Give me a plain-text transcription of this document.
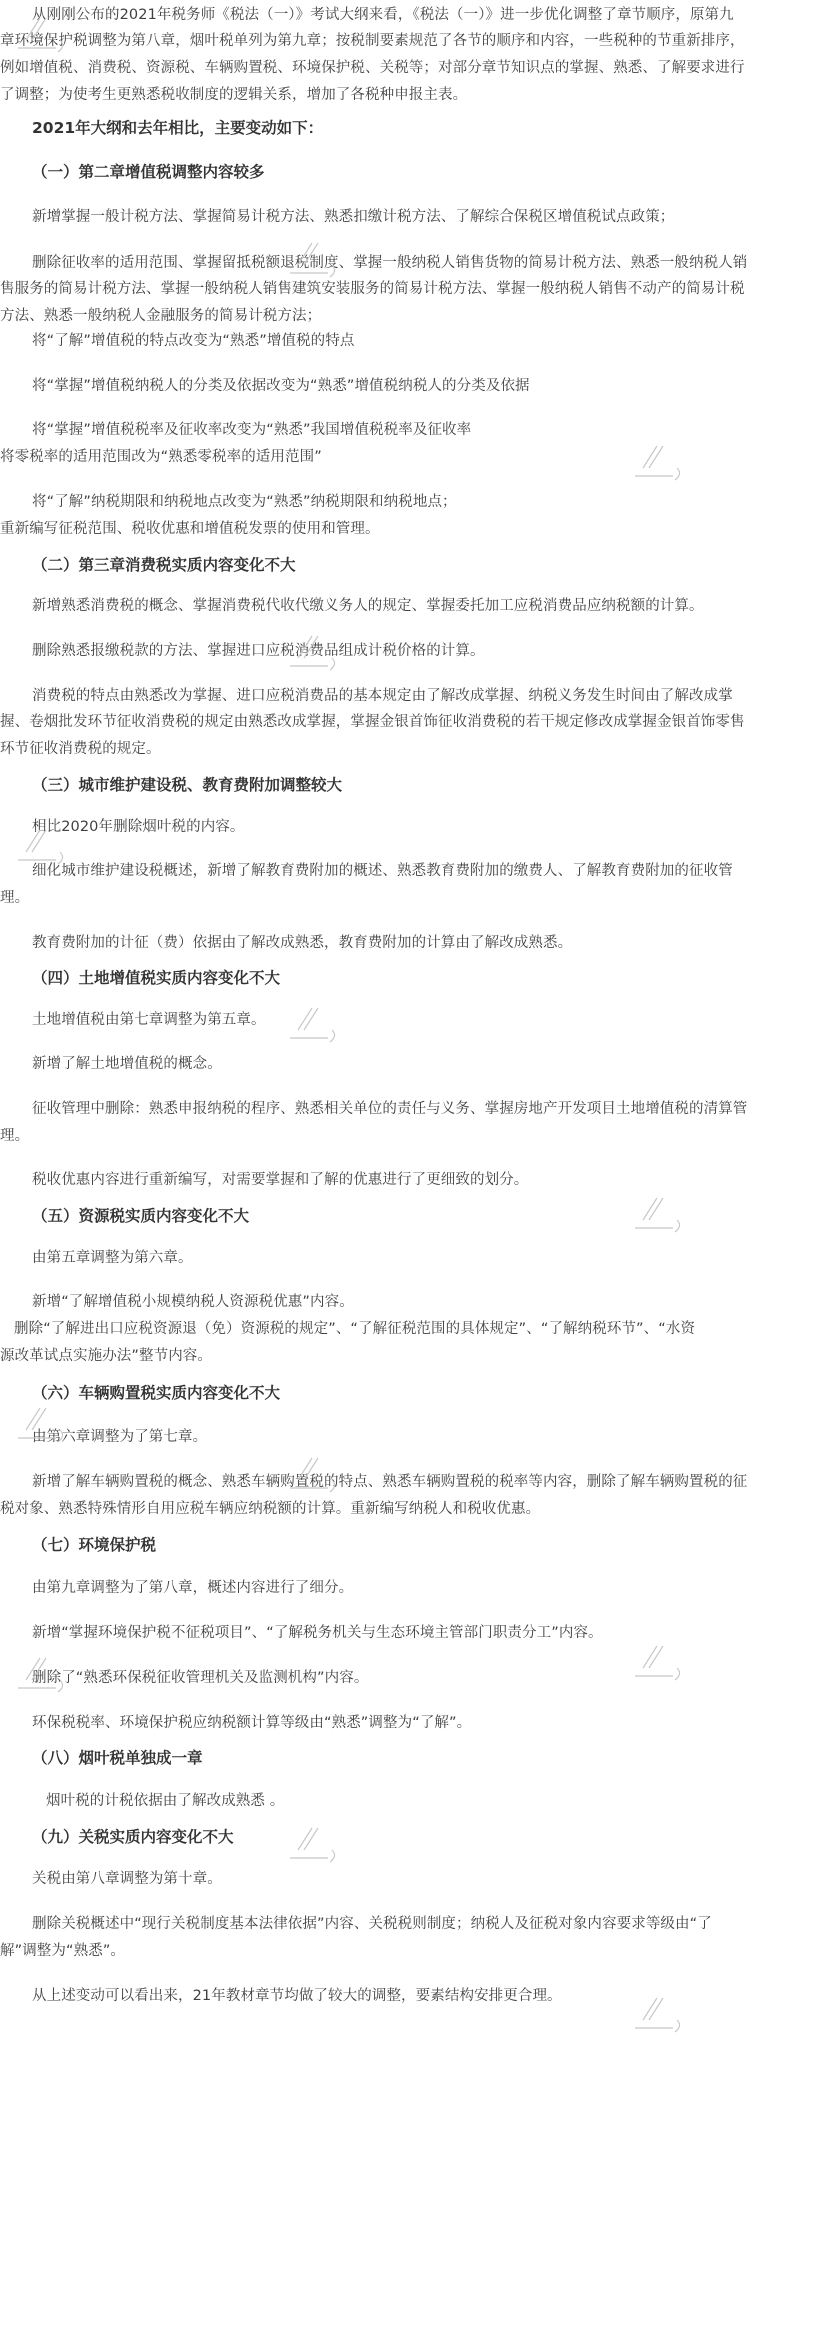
从刚刚公布的2021年税务师《税法（一）》考试大纲来看，《税法（一）》进一步优化调整了章节顺序，原第九
章环境保护税调整为第八章，烟叶税单列为第九章；按税制要素规范了各节的顺序和内容，一些税种的节重新排序，
例如增值税、消费税、资源税、车辆购置税、环境保护税、关税等；对部分章节知识点的掌握、熟悉、了解要求进行
了调整；为使考生更熟悉税收制度的逻辑关系，增加了各税种申报主表。
2021年大纲和去年相比，主要变动如下：
（一）第二章增值税调整内容较多
新增掌握一般计税方法、掌握简易计税方法、熟悉扣缴计税方法、了解综合保税区增值税试点政策；
删除征收率的适用范围、掌握留抵税额退税制度、掌握一般纳税人销售货物的简易计税方法、熟悉一般纳税人销
售服务的简易计税方法、掌握一般纳税人销售建筑安装服务的简易计税方法、掌握一般纳税人销售不动产的简易计税
方法、熟悉一般纳税人金融服务的简易计税方法；
将“了解”增值税的特点改变为“熟悉”增值税的特点
将“掌握”增值税纳税人的分类及依据改变为“熟悉”增值税纳税人的分类及依据
将“掌握”增值税税率及征收率改变为“熟悉”我国增值税税率及征收率
将零税率的适用范围改为“熟悉零税率的适用范围”
将“了解”纳税期限和纳税地点改变为“熟悉”纳税期限和纳税地点；
重新编写征税范围、税收优惠和增值税发票的使用和管理。
（二）第三章消费税实质内容变化不大
新增熟悉消费税的概念、掌握消费税代收代缴义务人的规定、掌握委托加工应税消费品应纳税额的计算。
删除熟悉报缴税款的方法、掌握进口应税消费品组成计税价格的计算。
消费税的特点由熟悉改为掌握、进口应税消费品的基本规定由了解改成掌握、纳税义务发生时间由了解改成掌
握、卷烟批发环节征收消费税的规定由熟悉改成掌握，掌握金银首饰征收消费税的若干规定修改成掌握金银首饰零售
环节征收消费税的规定。
（三）城市维护建设税、教育费附加调整较大
相比2020年删除烟叶税的内容。
细化城市维护建设税概述，新增了解教育费附加的概述、熟悉教育费附加的缴费人、了解教育费附加的征收管
理。
教育费附加的计征（费）依据由了解改成熟悉，教育费附加的计算由了解改成熟悉。
（四）土地增值税实质内容变化不大
土地增值税由第七章调整为第五章。
新增了解土地增值税的概念。
征收管理中删除：熟悉申报纳税的程序、熟悉相关单位的责任与义务、掌握房地产开发项目土地增值税的清算管
理。
税收优惠内容进行重新编写，对需要掌握和了解的优惠进行了更细致的划分。
（五）资源税实质内容变化不大
由第五章调整为第六章。
新增“了解增值税小规模纳税人资源税优惠”内容。
删除“了解进出口应税资源退（免）资源税的规定”、“了解征税范围的具体规定”、“了解纳税环节”、“水资
源改革试点实施办法”整节内容。
（六）车辆购置税实质内容变化不大
由第六章调整为了第七章。
新增了解车辆购置税的概念、熟悉车辆购置税的特点、熟悉车辆购置税的税率等内容，删除了解车辆购置税的征
税对象、熟悉特殊情形自用应税车辆应纳税额的计算。重新编写纳税人和税收优惠。
（七）环境保护税
由第九章调整为了第八章，概述内容进行了细分。
新增“掌握环境保护税不征税项目”、“了解税务机关与生态环境主管部门职责分工”内容。
删除了“熟悉环保税征收管理机关及监测机构”内容。
环保税税率、环境保护税应纳税额计算等级由“熟悉”调整为“了解”。
（八）烟叶税单独成一章
烟叶税的计税依据由了解改成熟悉 。
（九）关税实质内容变化不大
关税由第八章调整为第十章。
删除关税概述中“现行关税制度基本法律依据”内容、关税税则制度；纳税人及征税对象内容要求等级由“了
解”调整为“熟悉”。
从上述变动可以看出来，21年教材章节均做了较大的调整，要素结构安排更合理。
